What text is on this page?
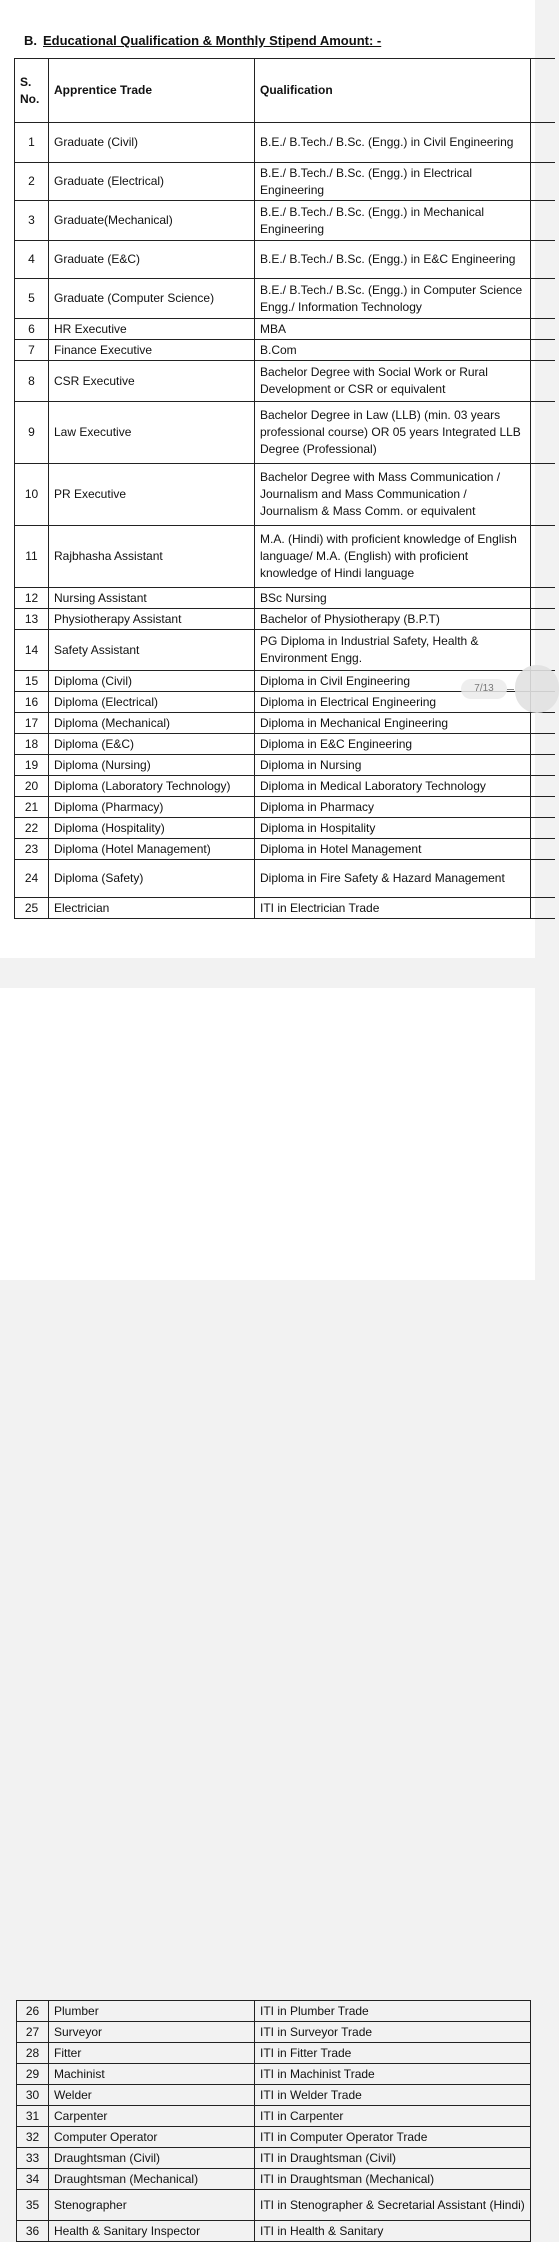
B. Educational Qualification & Monthly Stipend Amount: -
S. No.	Apprentice Trade	Qualification	
1	Graduate (Civil)	B.E./ B.Tech./ B.Sc. (Engg.) in Civil Engineering	
2	Graduate (Electrical)	B.E./ B.Tech./ B.Sc. (Engg.) in Electrical Engineering	
3	Graduate(Mechanical)	B.E./ B.Tech./ B.Sc. (Engg.) in Mechanical Engineering	
4	Graduate (E&C)	B.E./ B.Tech./ B.Sc. (Engg.) in E&C Engineering	
5	Graduate (Computer Science)	B.E./ B.Tech./ B.Sc. (Engg.) in Computer Science Engg./ Information Technology	
6	HR Executive	MBA	
7	Finance Executive	B.Com	
8	CSR Executive	Bachelor Degree with Social Work or Rural Development or CSR or equivalent	
9	Law Executive	Bachelor Degree in Law (LLB) (min. 03 years professional course) OR 05 years Integrated LLB Degree (Professional)	
10	PR Executive	Bachelor Degree with Mass Communication / Journalism and Mass Communication / Journalism & Mass Comm. or equivalent	
11	Rajbhasha Assistant	M.A. (Hindi) with proficient knowledge of English language/ M.A. (English) with proficient knowledge of Hindi language	
12	Nursing Assistant	BSc Nursing	
13	Physiotherapy Assistant	Bachelor of Physiotherapy (B.P.T)	
14	Safety Assistant	PG Diploma in Industrial Safety, Health & Environment Engg.	
15	Diploma (Civil)	Diploma in Civil Engineering	
16	Diploma (Electrical)	Diploma in Electrical Engineering	
17	Diploma (Mechanical)	Diploma in Mechanical Engineering	
18	Diploma (E&C)	Diploma in E&C Engineering	
19	Diploma (Nursing)	Diploma in Nursing	
20	Diploma (Laboratory Technology)	Diploma in Medical Laboratory Technology	
21	Diploma (Pharmacy)	Diploma in Pharmacy	
22	Diploma (Hospitality)	Diploma in Hospitality	
23	Diploma (Hotel Management)	Diploma in Hotel Management	
24	Diploma (Safety)	Diploma in Fire Safety & Hazard Management	
25	Electrician	ITI in Electrician Trade	
7/13
26	Plumber	ITI in Plumber Trade
27	Surveyor	ITI in Surveyor Trade
28	Fitter	ITI in Fitter Trade
29	Machinist	ITI in Machinist Trade
30	Welder	ITI in Welder Trade
31	Carpenter	ITI in Carpenter
32	Computer Operator	ITI in Computer Operator Trade
33	Draughtsman (Civil)	ITI in Draughtsman (Civil)
34	Draughtsman (Mechanical)	ITI in Draughtsman (Mechanical)
35	Stenographer	ITI in Stenographer & Secretarial Assistant (Hindi)
36	Health & Sanitary Inspector	ITI in Health & Sanitary
